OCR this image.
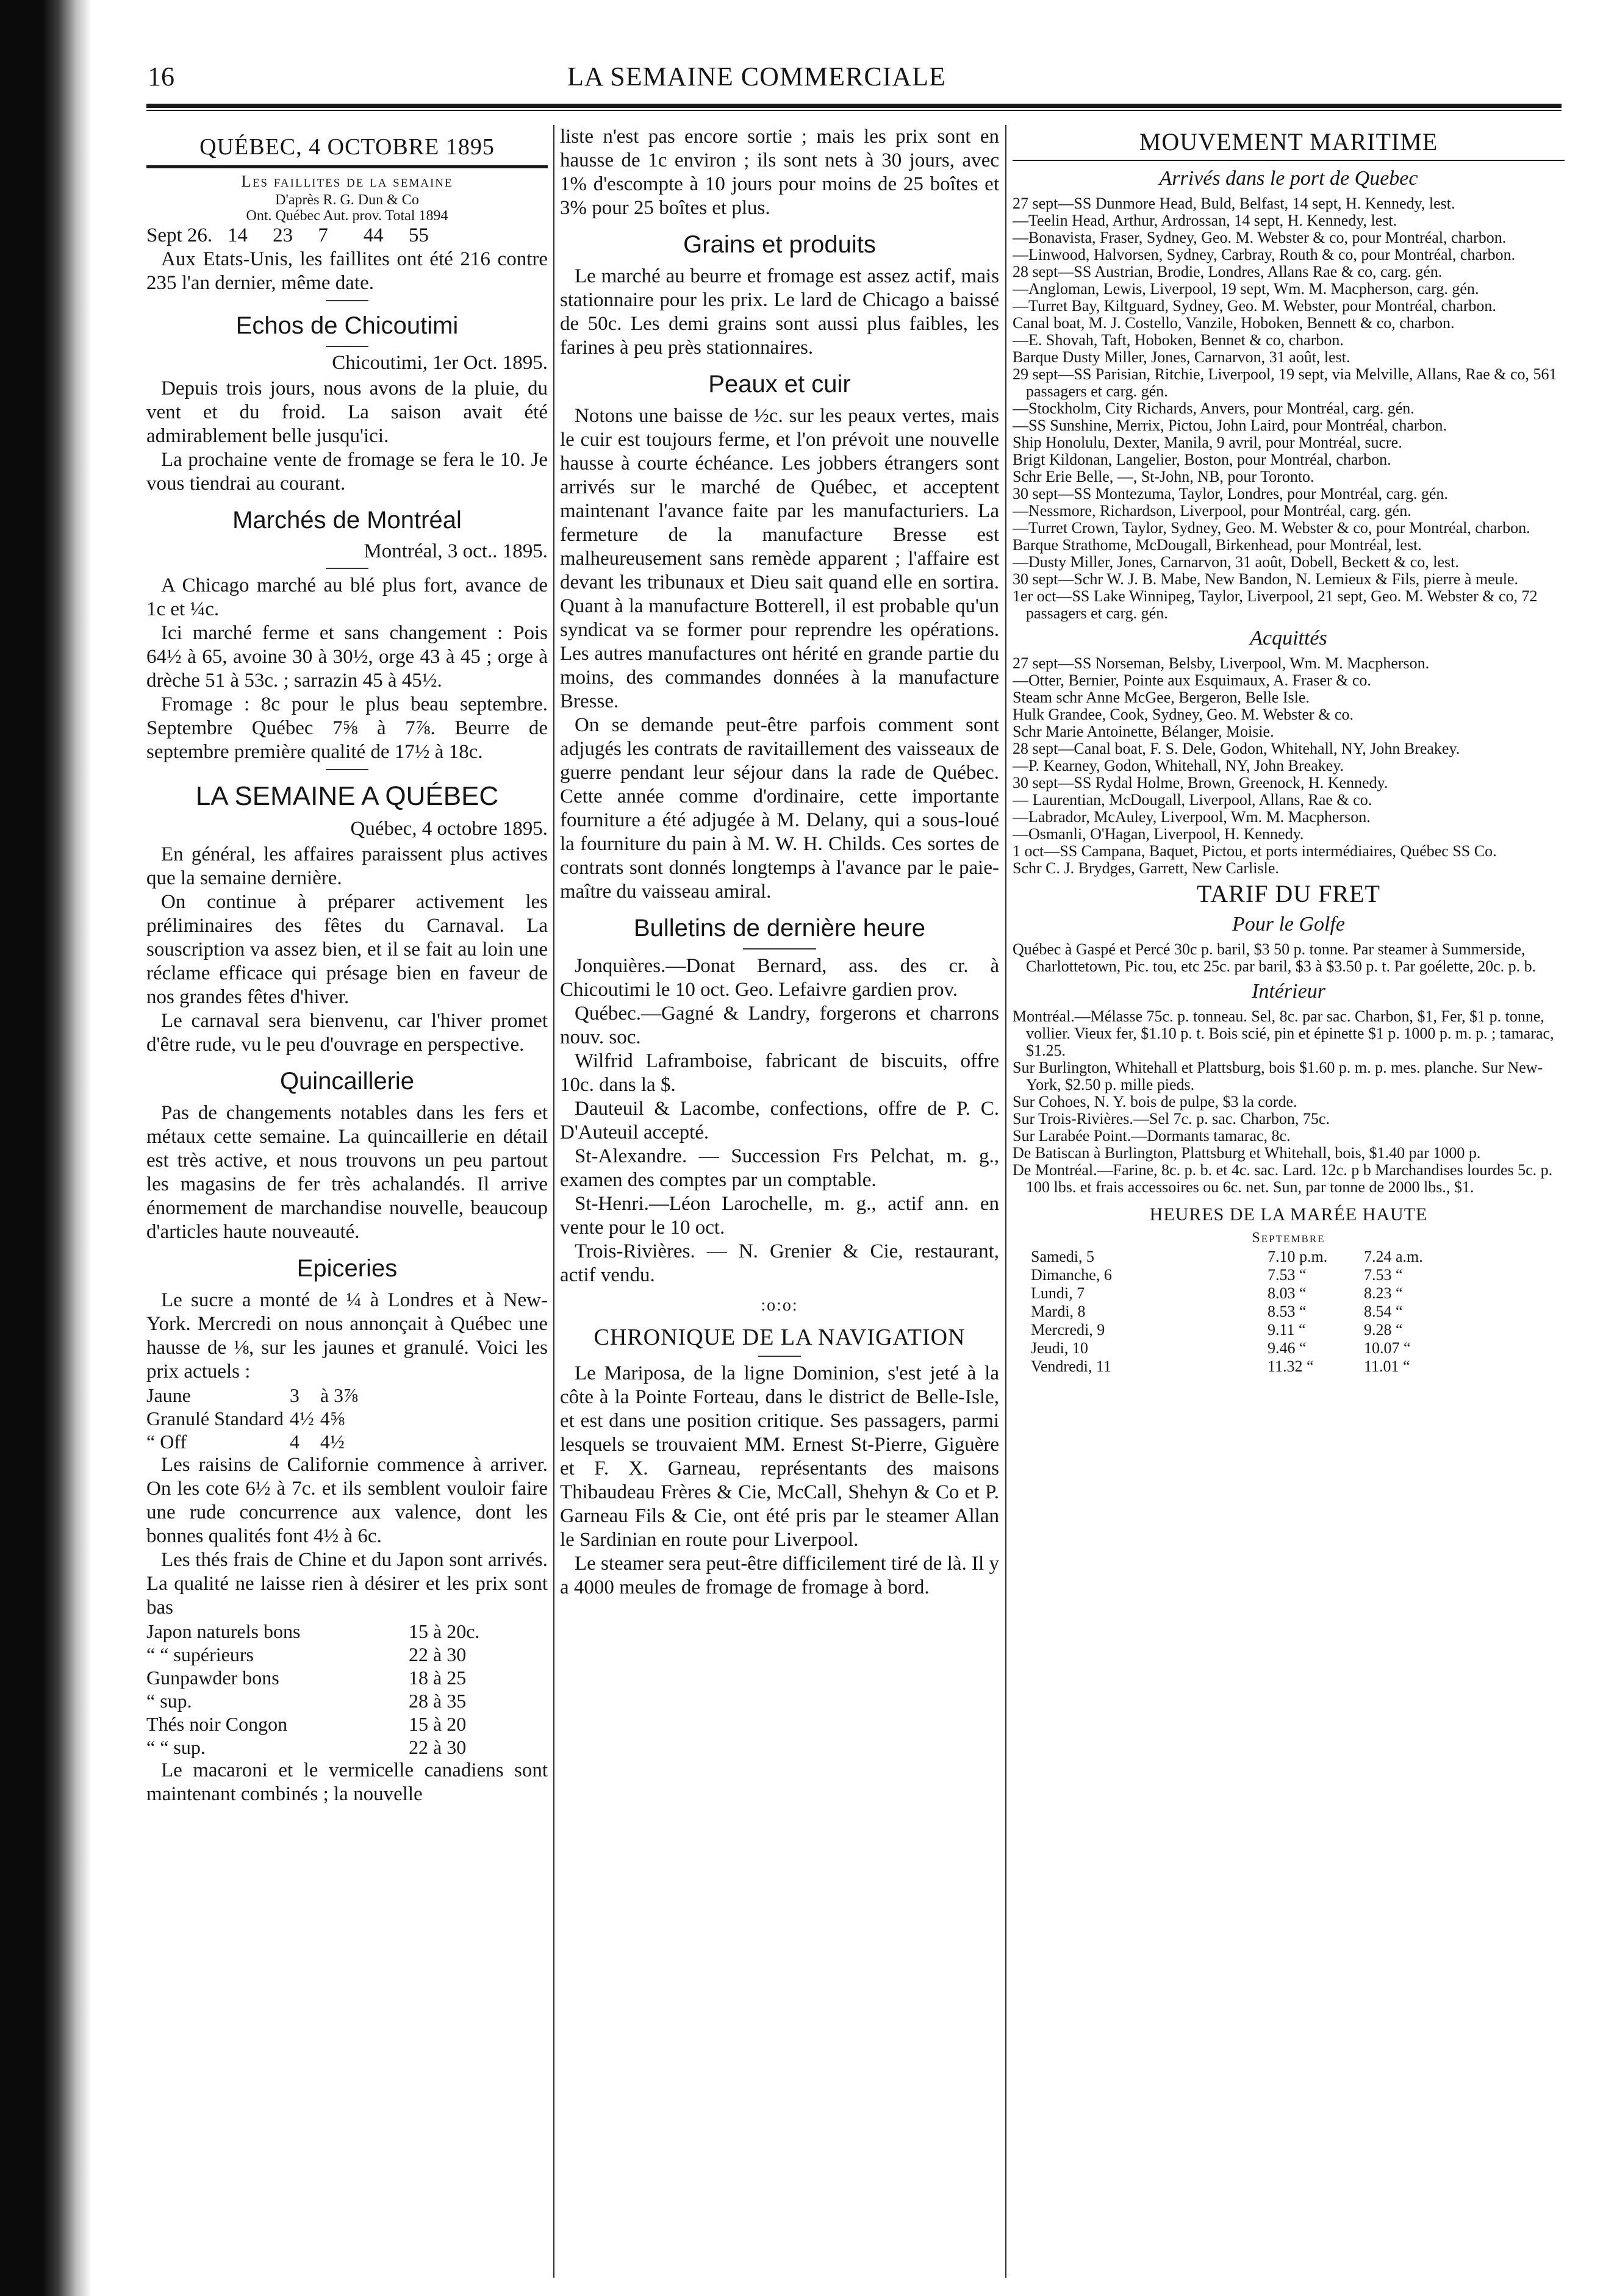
16	LA SEMAINE COMMERCIALE
QUÉBEC, 4 OCTOBRE 1895
Les faillites de la semaine
D'après R. G. Dun & Co
Ont. Québec Aut. prov. Total 1894

Sept 26.   14     23     7       44     55

Aux Etats-Unis, les faillites ont été 216 contre 235 l'an dernier, même date.

Echos de Chicoutimi
Chicoutimi, 1er Oct. 1895.

Depuis trois jours, nous avons de la pluie, du vent et du froid. La saison avait été admirablement belle jusqu'ici.

La prochaine vente de fromage se fera le 10. Je vous tiendrai au courant.

Marchés de Montréal
Montréal, 3 oct.. 1895.

A Chicago marché au blé plus fort, avance de 1c et ¼c.

Ici marché ferme et sans changement : Pois 64½ à 65, avoine 30 à 30½, orge 43 à 45 ; orge à drèche 51 à 53c. ; sarrazin 45 à 45½.

Fromage : 8c pour le plus beau septembre. Septembre Québec 7⅝ à 7⅞. Beurre de septembre première qualité de 17½ à 18c.

LA SEMAINE A QUÉBEC
Québec, 4 octobre 1895.

En général, les affaires paraissent plus actives que la semaine dernière.

On continue à préparer activement les préliminaires des fêtes du Carnaval. La souscription va assez bien, et il se fait au loin une réclame efficace qui présage bien en faveur de nos grandes fêtes d'hiver.

Le carnaval sera bienvenu, car l'hiver promet d'être rude, vu le peu d'ouvrage en perspective.

Quincaillerie

Pas de changements notables dans les fers et métaux cette semaine. La quincaillerie en détail est très active, et nous trouvons un peu partout les magasins de fer très achalandés. Il arrive énormement de marchandise nouvelle, beaucoup d'articles haute nouveauté.

Epiceries

Le sucre a monté de ¼ à Londres et à New-York. Mercredi on nous annonçait à Québec une hausse de ⅛, sur les jaunes et granulé. Voici les prix actuels :

Jaune	3	à 3⅞
Granulé Standard	4½	4⅝
“ Off	4	4½

Les raisins de Californie commence à arriver. On les cote 6½ à 7c. et ils semblent vouloir faire une rude concurrence aux valence, dont les bonnes qualités font 4½ à 6c.

Les thés frais de Chine et du Japon sont arrivés. La qualité ne laisse rien à désirer et les prix sont bas

Japon naturels bons	15 à 20c.
“ “ supérieurs	22 à 30
Gunpawder bons	18 à 25
“ sup.	28 à 35
Thés noir Congon	15 à 20
“ “ sup.	22 à 30

Le macaroni et le vermicelle canadiens sont maintenant combinés ; la nouvelle

liste n'est pas encore sortie ; mais les prix sont en hausse de 1c environ ; ils sont nets à 30 jours, avec 1% d'escompte à 10 jours pour moins de 25 boîtes et 3% pour 25 boîtes et plus.

Grains et produits

Le marché au beurre et fromage est assez actif, mais stationnaire pour les prix. Le lard de Chicago a baissé de 50c. Les demi grains sont aussi plus faibles, les farines à peu près stationnaires.

Peaux et cuir

Notons une baisse de ½c. sur les peaux vertes, mais le cuir est toujours ferme, et l'on prévoit une nouvelle hausse à courte échéance. Les jobbers étrangers sont arrivés sur le marché de Québec, et acceptent maintenant l'avance faite par les manufacturiers. La fermeture de la manufacture Bresse est malheureusement sans remède apparent ; l'affaire est devant les tribunaux et Dieu sait quand elle en sortira. Quant à la manufacture Botterell, il est probable qu'un syndicat va se former pour reprendre les opérations. Les autres manufactures ont hérité en grande partie du moins, des commandes données à la manufacture Bresse.

On se demande peut-être parfois comment sont adjugés les contrats de ravitaillement des vaisseaux de guerre pendant leur séjour dans la rade de Québec. Cette année comme d'ordinaire, cette importante fourniture a été adjugée à M. Delany, qui a sous-loué la fourniture du pain à M. W. H. Childs. Ces sortes de contrats sont donnés longtemps à l'avance par le paie-maître du vaisseau amiral.

Bulletins de dernière heure

Jonquières.—Donat Bernard, ass. des cr. à Chicoutimi le 10 oct. Geo. Lefaivre gardien prov.

Québec.—Gagné & Landry, forgerons et charrons nouv. soc.

Wilfrid Laframboise, fabricant de biscuits, offre 10c. dans la $.

Dauteuil & Lacombe, confections, offre de P. C. D'Auteuil accepté.

St-Alexandre. — Succession Frs Pelchat, m. g., examen des comptes par un comptable.

St-Henri.—Léon Larochelle, m. g., actif ann. en vente pour le 10 oct.

Trois-Rivières. — N. Grenier & Cie, restaurant, actif vendu.

:o:o:
CHRONIQUE DE LA NAVIGATION

Le Mariposa, de la ligne Dominion, s'est jeté à la côte à la Pointe Forteau, dans le district de Belle-Isle, et est dans une position critique. Ses passagers, parmi lesquels se trouvaient MM. Ernest St-Pierre, Giguère et F. X. Garneau, représentants des maisons Thibaudeau Frères & Cie, McCall, Shehyn & Co et P. Garneau Fils & Cie, ont été pris par le steamer Allan le Sardinian en route pour Liverpool.

Le steamer sera peut-être difficilement tiré de là. Il y a 4000 meules de fromage de fromage à bord.

MOUVEMENT MARITIME
Arrivés dans le port de Quebec

27 sept—SS Dunmore Head, Buld, Belfast, 14 sept, H. Kennedy, lest.

—Teelin Head, Arthur, Ardrossan, 14 sept, H. Kennedy, lest.

—Bonavista, Fraser, Sydney, Geo. M. Webster & co, pour Montréal, charbon.

—Linwood, Halvorsen, Sydney, Carbray, Routh & co, pour Montréal, charbon.

28 sept—SS Austrian, Brodie, Londres, Allans Rae & co, carg. gén.

—Angloman, Lewis, Liverpool, 19 sept, Wm. M. Macpherson, carg. gén.

—Turret Bay, Kiltguard, Sydney, Geo. M. Webster, pour Montréal, charbon.

Canal boat, M. J. Costello, Vanzile, Hoboken, Bennett & co, charbon.

—E. Shovah, Taft, Hoboken, Bennet & co, charbon.

Barque Dusty Miller, Jones, Carnarvon, 31 août, lest.

29 sept—SS Parisian, Ritchie, Liverpool, 19 sept, via Melville, Allans, Rae & co, 561 passagers et carg. gén.

—Stockholm, City Richards, Anvers, pour Montréal, carg. gén.

—SS Sunshine, Merrix, Pictou, John Laird, pour Montréal, charbon.

Ship Honolulu, Dexter, Manila, 9 avril, pour Montréal, sucre.

Brigt Kildonan, Langelier, Boston, pour Montréal, charbon.

Schr Erie Belle, —, St-John, NB, pour Toronto.

30 sept—SS Montezuma, Taylor, Londres, pour Montréal, carg. gén.

—Nessmore, Richardson, Liverpool, pour Montréal, carg. gén.

—Turret Crown, Taylor, Sydney, Geo. M. Webster & co, pour Montréal, charbon.

Barque Strathome, McDougall, Birkenhead, pour Montréal, lest.

—Dusty Miller, Jones, Carnarvon, 31 août, Dobell, Beckett & co, lest.

30 sept—Schr W. J. B. Mabe, New Bandon, N. Lemieux & Fils, pierre à meule.

1er oct—SS Lake Winnipeg, Taylor, Liverpool, 21 sept, Geo. M. Webster & co, 72 passagers et carg. gén.

Acquittés

27 sept—SS Norseman, Belsby, Liverpool, Wm. M. Macpherson.

—Otter, Bernier, Pointe aux Esquimaux, A. Fraser & co.

Steam schr Anne McGee, Bergeron, Belle Isle.

Hulk Grandee, Cook, Sydney, Geo. M. Webster & co.

Schr Marie Antoinette, Bélanger, Moisie.

28 sept—Canal boat, F. S. Dele, Godon, Whitehall, NY, John Breakey.

—P. Kearney, Godon, Whitehall, NY, John Breakey.

30 sept—SS Rydal Holme, Brown, Greenock, H. Kennedy.

— Laurentian, McDougall, Liverpool, Allans, Rae & co.

—Labrador, McAuley, Liverpool, Wm. M. Macpherson.

—Osmanli, O'Hagan, Liverpool, H. Kennedy.

1 oct—SS Campana, Baquet, Pictou, et ports intermédiaires, Québec SS Co.

Schr C. J. Brydges, Garrett, New Carlisle.

TARIF DU FRET
Pour le Golfe

Québec à Gaspé et Percé 30c p. baril, $3 50 p. tonne. Par steamer à Summerside, Charlottetown, Pic. tou, etc 25c. par baril, $3 à $3.50 p. t. Par goélette, 20c. p. b.

Intérieur

Montréal.—Mélasse 75c. p. tonneau. Sel, 8c. par sac. Charbon, $1, Fer, $1 p. tonne, vollier. Vieux fer, $1.10 p. t. Bois scié, pin et épinette $1 p. 1000 p. m. p. ; tamarac, $1.25.

Sur Burlington, Whitehall et Plattsburg, bois $1.60 p. m. p. mes. planche. Sur New-York, $2.50 p. mille pieds.

Sur Cohoes, N. Y. bois de pulpe, $3 la corde.

Sur Trois-Rivières.—Sel 7c. p. sac. Charbon, 75c.

Sur Larabée Point.—Dormants tamarac, 8c.

De Batiscan à Burlington, Plattsburg et Whitehall, bois, $1.40 par 1000 p.

De Montréal.—Farine, 8c. p. b. et 4c. sac. Lard. 12c. p b Marchandises lourdes 5c. p. 100 lbs. et frais accessoires ou 6c. net. Sun, par tonne de 2000 lbs., $1.

HEURES DE LA MARÉE HAUTE
Septembre
Samedi, 5	7.10 p.m.	7.24 a.m.
Dimanche, 6	7.53 “	7.53 “
Lundi, 7	8.03 “	8.23 “
Mardi, 8	8.53 “	8.54 “
Mercredi, 9	9.11 “	9.28 “
Jeudi, 10	9.46 “	10.07 “
Vendredi, 11	11.32 “	11.01 “
